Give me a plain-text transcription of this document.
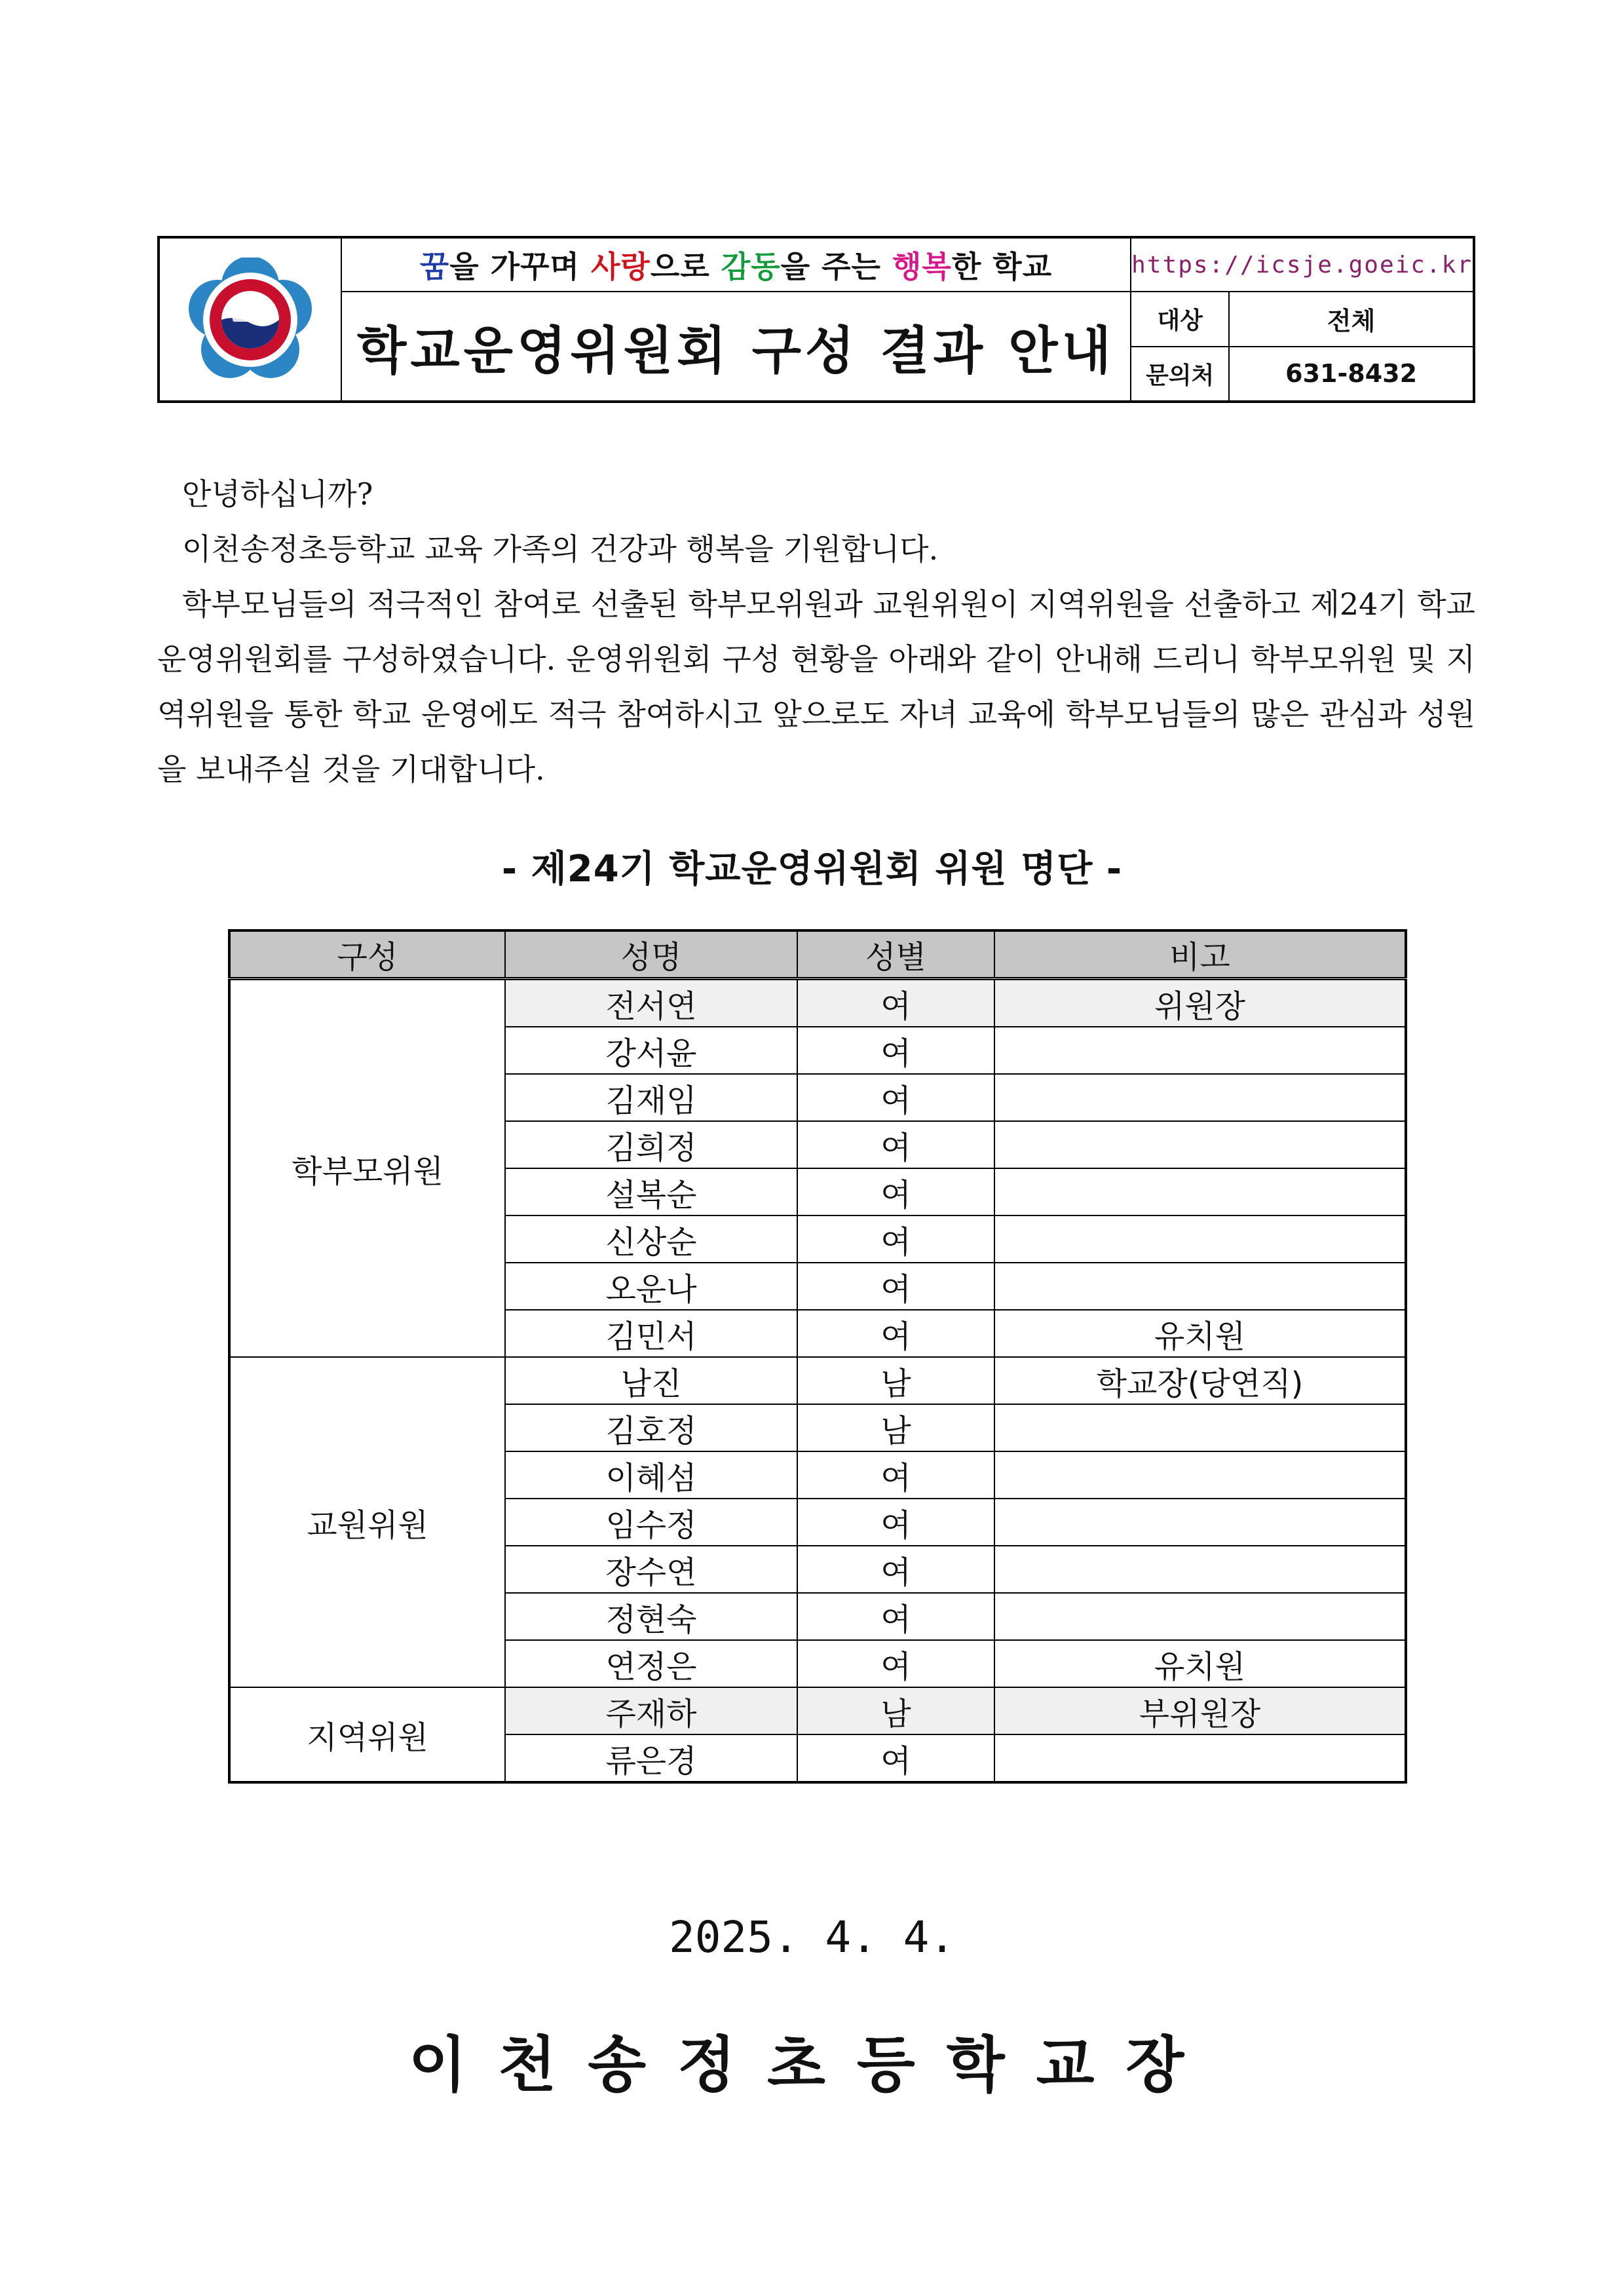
꿈 을 가꾸며 사랑 으로 감동 을 주는 행복 한 학교
학교운영위원회 구성 결과 안내
https://icsje.goeic.kr
대상	전체
문의처	631-8432

안녕하십니까?

이천송정초등학교 교육 가족의 건강과 행복을 기원합니다.

학부모님들의 적극적인 참여로 선출된 학부모위원과 교원위원이 지역위원을 선출하고 제24기 학교운영위원회를 구성하였습니다. 운영위원회 구성 현황을 아래와 같이 안내해 드리니 학부모위원 및 지역위원을 통한 학교 운영에도 적극 참여하시고 앞으로도 자녀 교육에 학부모님들의 많은 관심과 성원을 보내주실 것을 기대합니다.

- 제24기 학교운영위원회 위원 명단 -
구성	성명	성별	비고
학부모위원	전서연	여	위원장
	강서윤	여	
	김재임	여	
	김희정	여	
	설복순	여	
	신상순	여	
	오운나	여	
	김민서	여	유치원
교원위원	남진	남	학교장(당연직)
	김호정	남	
	이혜섬	여	
	임수정	여	
	장수연	여	
	정현숙	여	
	연정은	여	유치원
지역위원	주재하	남	부위원장
	류은경	여	
2025. 4. 4.
이천송정초등학교장
